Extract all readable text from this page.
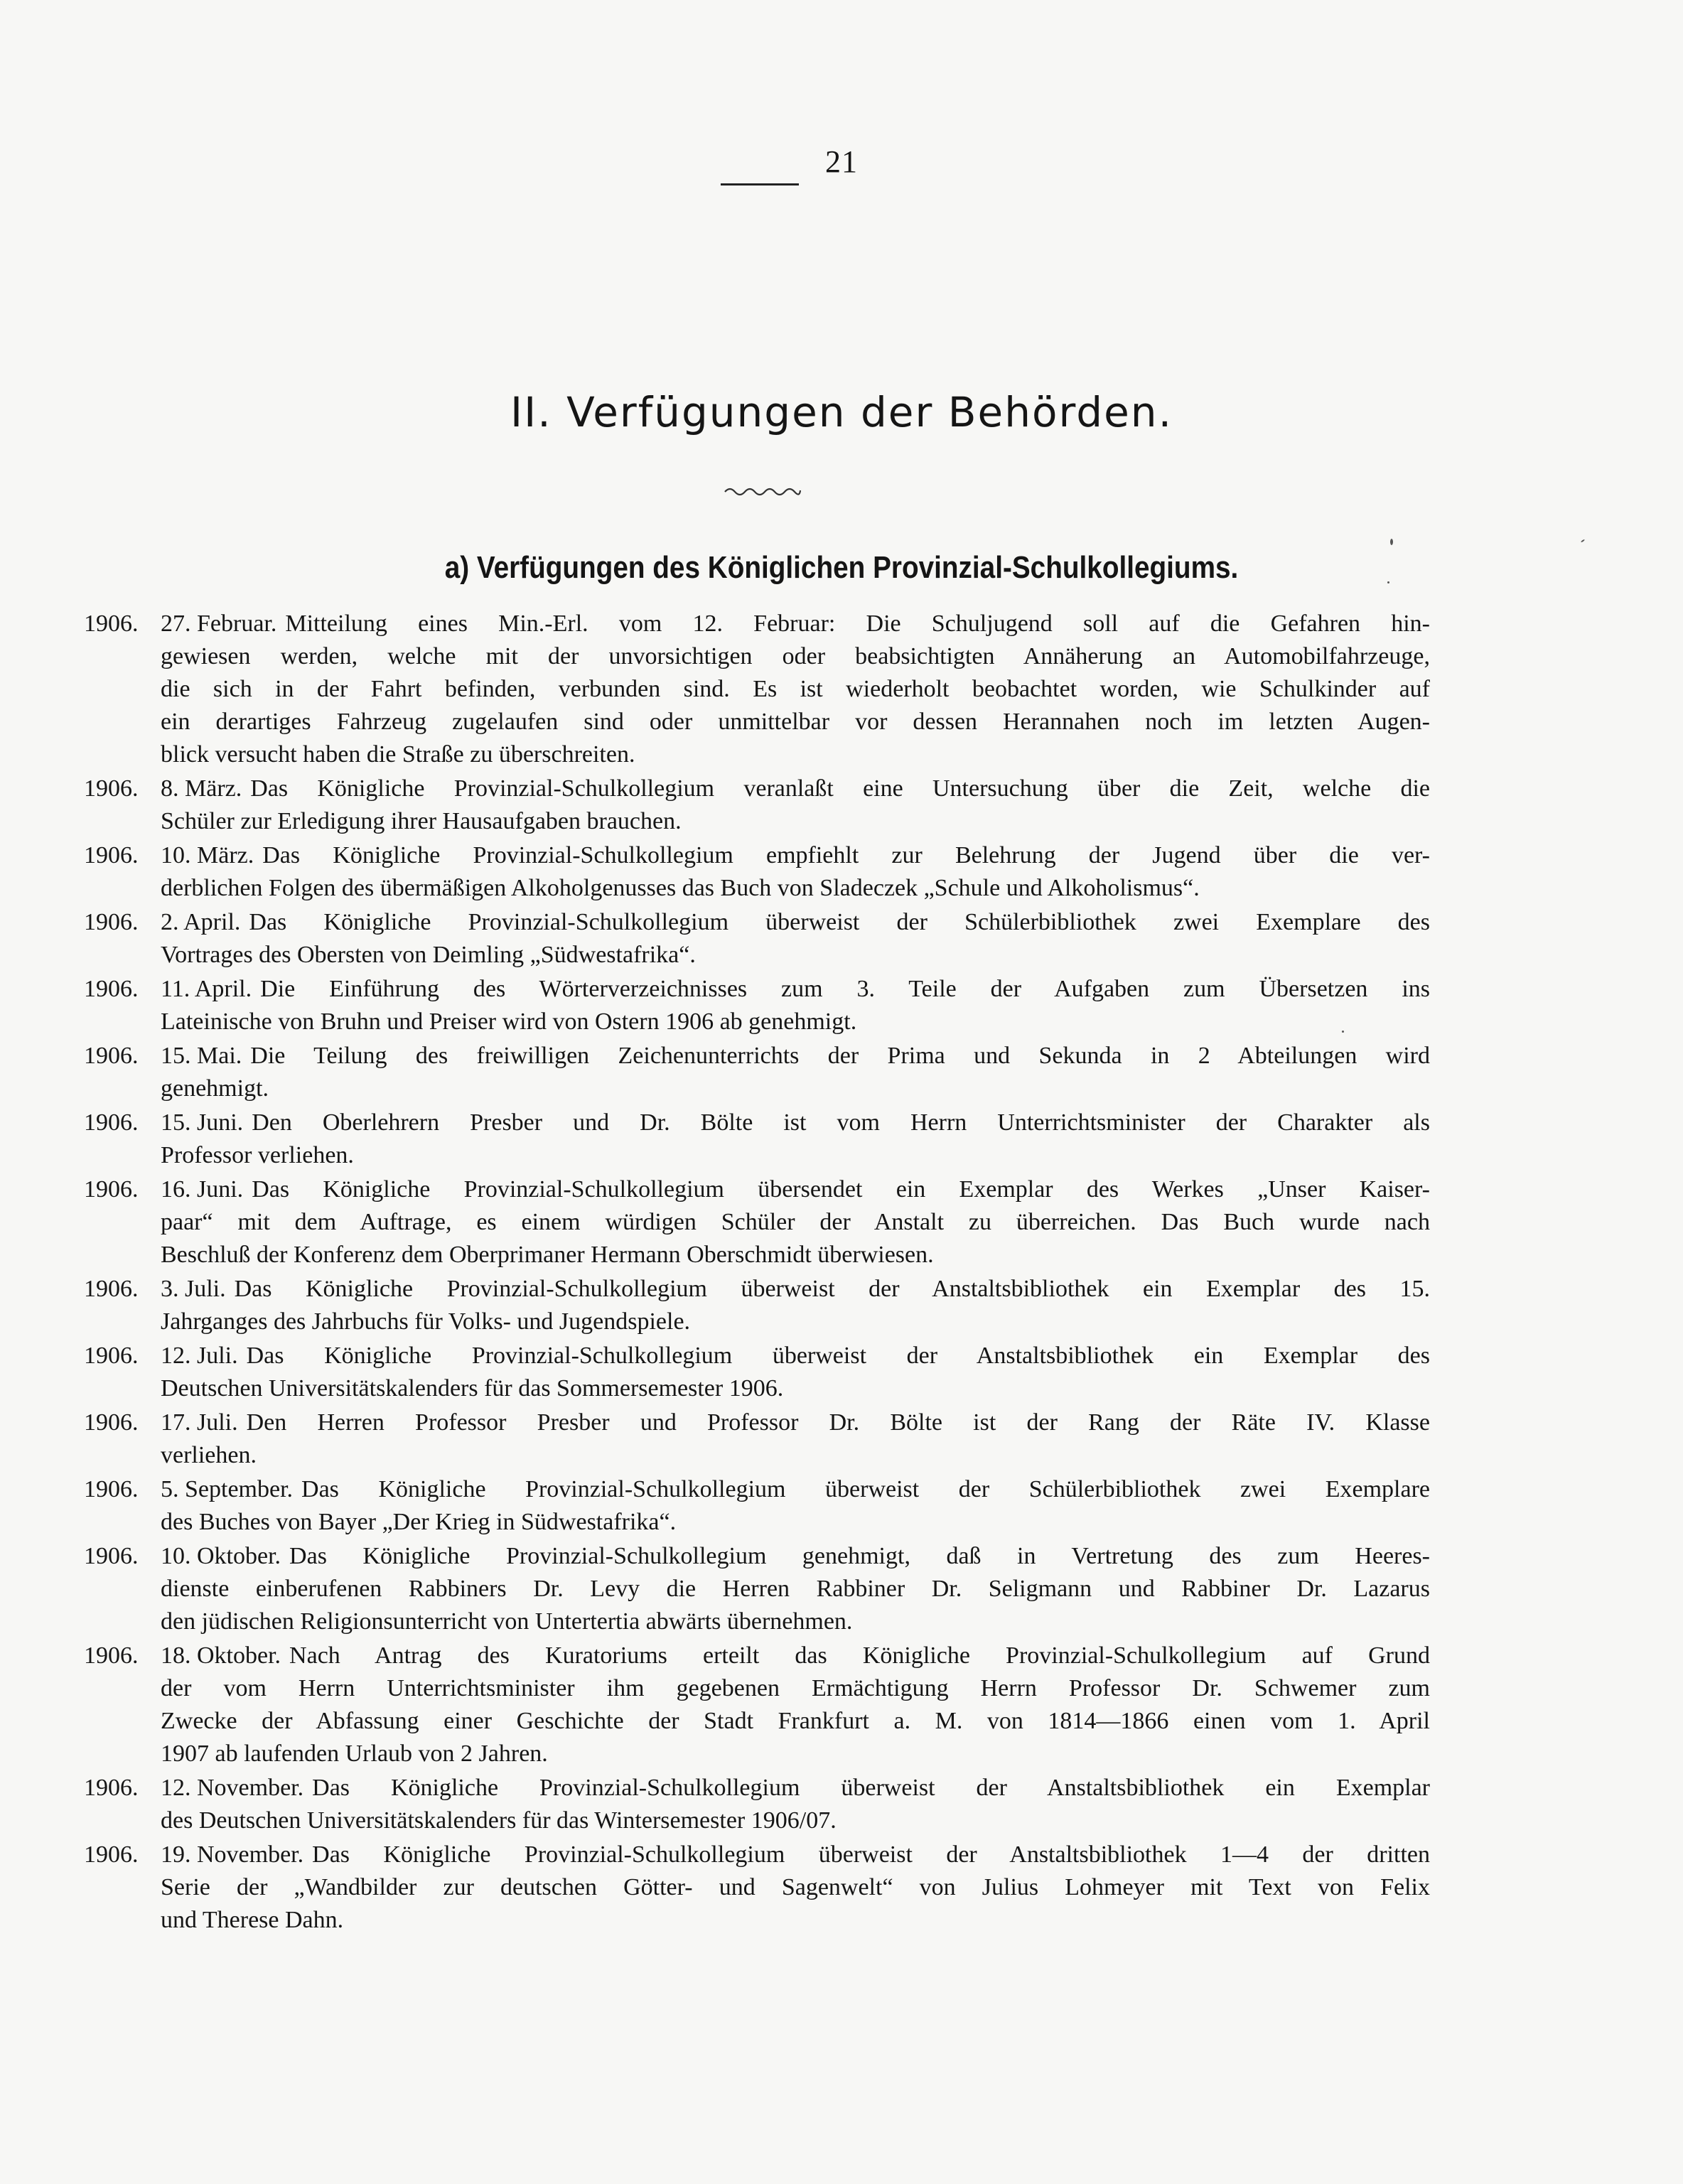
21
II. Verfügungen der Behörden.
a) Verfügungen des Königlichen Provinzial-Schulkollegiums.
1906. 27. Februar. Mitteilung eines Min.-Erl. vom 12. Februar: Die Schuljugend soll auf die Gefahren hin-
gewiesen werden, welche mit der unvorsichtigen oder beabsichtigten Annäherung an Automobilfahrzeuge,
die sich in der Fahrt befinden, verbunden sind. Es ist wiederholt beobachtet worden, wie Schulkinder auf
ein derartiges Fahrzeug zugelaufen sind oder unmittelbar vor dessen Herannahen noch im letzten Augen-
blick versucht haben die Straße zu überschreiten.
1906. 8. März. Das Königliche Provinzial-Schulkollegium veranlaßt eine Untersuchung über die Zeit, welche die
Schüler zur Erledigung ihrer Hausaufgaben brauchen.
1906. 10. März. Das Königliche Provinzial-Schulkollegium empfiehlt zur Belehrung der Jugend über die ver-
derblichen Folgen des übermäßigen Alkoholgenusses das Buch von Sladeczek „Schule und Alkoholismus“.
1906. 2. April. Das Königliche Provinzial-Schulkollegium überweist der Schülerbibliothek zwei Exemplare des
Vortrages des Obersten von Deimling „Südwestafrika“.
1906. 11. April. Die Einführung des Wörterverzeichnisses zum 3. Teile der Aufgaben zum Übersetzen ins
Lateinische von Bruhn und Preiser wird von Ostern 1906 ab genehmigt.
1906. 15. Mai. Die Teilung des freiwilligen Zeichenunterrichts der Prima und Sekunda in 2 Abteilungen wird
genehmigt.
1906. 15. Juni. Den Oberlehrern Presber und Dr. Bölte ist vom Herrn Unterrichtsminister der Charakter als
Professor verliehen.
1906. 16. Juni. Das Königliche Provinzial-Schulkollegium übersendet ein Exemplar des Werkes „Unser Kaiser-
paar“ mit dem Auftrage, es einem würdigen Schüler der Anstalt zu überreichen. Das Buch wurde nach
Beschluß der Konferenz dem Oberprimaner Hermann Oberschmidt überwiesen.
1906. 3. Juli. Das Königliche Provinzial-Schulkollegium überweist der Anstaltsbibliothek ein Exemplar des 15.
Jahrganges des Jahrbuchs für Volks- und Jugendspiele.
1906. 12. Juli. Das Königliche Provinzial-Schulkollegium überweist der Anstaltsbibliothek ein Exemplar des
Deutschen Universitätskalenders für das Sommersemester 1906.
1906. 17. Juli. Den Herren Professor Presber und Professor Dr. Bölte ist der Rang der Räte IV. Klasse
verliehen.
1906. 5. September. Das Königliche Provinzial-Schulkollegium überweist der Schülerbibliothek zwei Exemplare
des Buches von Bayer „Der Krieg in Südwestafrika“.
1906. 10. Oktober. Das Königliche Provinzial-Schulkollegium genehmigt, daß in Vertretung des zum Heeres-
dienste einberufenen Rabbiners Dr. Levy die Herren Rabbiner Dr. Seligmann und Rabbiner Dr. Lazarus
den jüdischen Religionsunterricht von Untertertia abwärts übernehmen.
1906. 18. Oktober. Nach Antrag des Kuratoriums erteilt das Königliche Provinzial-Schulkollegium auf Grund
der vom Herrn Unterrichtsminister ihm gegebenen Ermächtigung Herrn Professor Dr. Schwemer zum
Zwecke der Abfassung einer Geschichte der Stadt Frankfurt a. M. von 1814—1866 einen vom 1. April
1907 ab laufenden Urlaub von 2 Jahren.
1906. 12. November. Das Königliche Provinzial-Schulkollegium überweist der Anstaltsbibliothek ein Exemplar
des Deutschen Universitätskalenders für das Wintersemester 1906/07.
1906. 19. November. Das Königliche Provinzial-Schulkollegium überweist der Anstaltsbibliothek 1—4 der dritten
Serie der „Wandbilder zur deutschen Götter- und Sagenwelt“ von Julius Lohmeyer mit Text von Felix
und Therese Dahn.
